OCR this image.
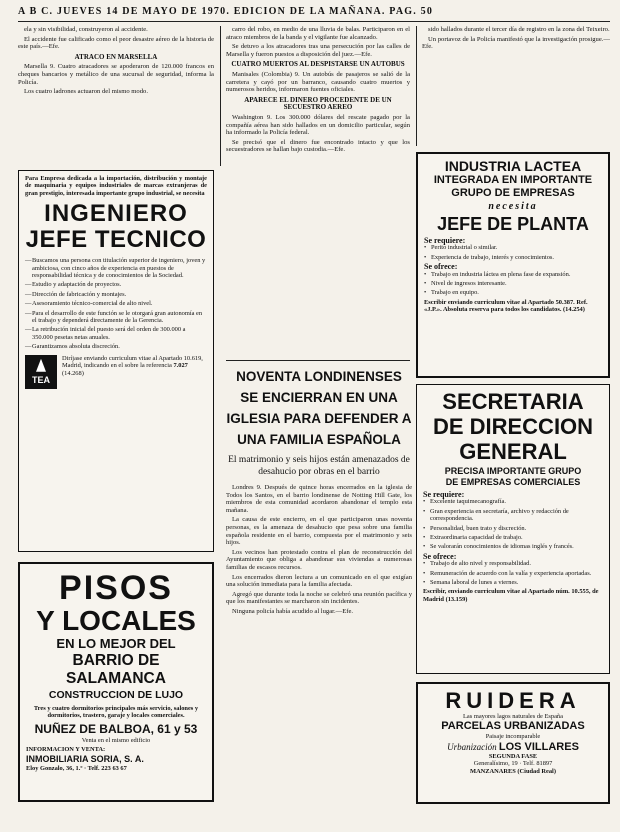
A B C. JUEVES 14 DE MAYO DE 1970. EDICION DE LA MAÑANA. PAG. 50

ela y sin visibilidad, construyeron al accidente.

El accidente fue calificado como el peor desastre aéreo de la historia de este país.—Efe.

ATRACO EN MARSELLA

Marsella 9. Cuatro atracadores se apoderaron de 120.000 francos en cheques bancarios y metálico de una sucursal de seguridad, informa la Policía.

Los cuatro ladrones actuaron del mismo modo.

carro del robo, en medio de una lluvia de balas. Participaron en el atraco miembros de la banda y el vigilante fue alcanzado.

Se detuvo a los atracadores tras una persecución por las calles de Marsella y fueron puestos a disposición del juez.—Efe.

CUATRO MUERTOS AL DESPISTARSE UN AUTOBUS

Manisales (Colombia) 9. Un autobús de pasajeros se salió de la carretera y cayó por un barranco, causando cuatro muertos y numerosos heridos, informaron fuentes oficiales.

APARECE EL DINERO PROCEDENTE DE UN SECUESTRO AEREO

Washington 9. Los 300.000 dólares del rescate pagado por la compañía aérea han sido hallados en un domicilio particular, según ha informado la Policía federal.

Se precisó que el dinero fue encontrado intacto y que los secuestradores se hallan bajo custodia.—Efe.

sido hallados durante el tercer día de registro en la zona del Teixeiro.

Un portavoz de la Policía manifestó que la investigación prosigue.—Efe.

Para Empresa dedicada a la importación, distribución y montaje de maquinaria y equipos industriales de marcas extranjeras de gran prestigio, interesada importante grupo industrial, se necesita
INGENIERO
JEFE TECNICO
— Buscamos una persona con titulación superior de ingeniero, joven y ambiciosa, con cinco años de experiencia en puestos de responsabilidad técnica y de conocimientos de la Sociedad.
— Estudio y adaptación de proyectos.
— Dirección de fabricación y montajes.
— Asesoramiento técnico-comercial de alto nivel.
— Para el desarrollo de este función se le otorgará gran autonomía en el trabajo y dependerá directamente de la Gerencia.
— La retribución inicial del puesto será del orden de 300.000 a 350.000 pesetas netas anuales.
— Garantizamos absoluta discreción.
TEA
Diríjase enviando curriculum vitae al Apartado 10.619, Madrid, indicando en el sobre la referencia 7.027 (14.268)
PISOS
Y LOCALES
EN LO MEJOR DEL
BARRIO DE SALAMANCA
CONSTRUCCION DE LUJO
Tres y cuatro dormitorios principales más servicio, salones y dormitorios, trastero, garaje y locales comerciales.
NUÑEZ DE BALBOA, 61 y 53
Venta en el mismo edificio
INFORMACION Y VENTA:
INMOBILIARIA SORIA, S. A.
Eloy Gonzalo, 36, 1.º · Telf. 223 63 67
INDUSTRIA LACTEA
INTEGRADA EN IMPORTANTE
GRUPO DE EMPRESAS
necesita
JEFE DE PLANTA
Se requiere:
• Perito industrial o similar.
• Experiencia de trabajo, interés y conocimientos.
Se ofrece:
• Trabajo en industria láctea en plena fase de expansión.
• Nivel de ingresos interesante.
• Trabajo en equipo.
Escribir enviando curriculum vitae al Apartado 50.387. Ref. «J.P.». Absoluta reserva para todos los candidatos. (14.254)
NOVENTA LONDINENSES SE ENCIERRAN EN UNA IGLESIA PARA DEFENDER A UNA FAMILIA ESPAÑOLA
El matrimonio y seis hijos están amenazados de desahucio por obras en el barrio

Londres 9. Después de quince horas encerrados en la iglesia de Todos los Santos, en el barrio londinense de Notting Hill Gate, los miembros de esta comunidad acordaron abandonar el templo esta mañana.

La causa de este encierro, en el que participaron unas noventa personas, es la amenaza de desahucio que pesa sobre una familia española residente en el barrio, compuesta por el matrimonio y seis hijos.

Los vecinos han protestado contra el plan de reconstrucción del Ayuntamiento que obliga a abandonar sus viviendas a numerosas familias de escasos recursos.

Los encerrados dieron lectura a un comunicado en el que exigían una solución inmediata para la familia afectada.

Agregó que durante toda la noche se celebró una reunión pacífica y que los manifestantes se marcharon sin incidentes.

Ninguna policía había acudido al lugar.—Efe.

SECRETARIA
DE DIRECCION
GENERAL
PRECISA IMPORTANTE GRUPO
DE EMPRESAS COMERCIALES
Se requiere:
• Excelente taquimecanografía.
• Gran experiencia en secretaría, archivo y redacción de correspondencia.
• Personalidad, buen trato y discreción.
• Extraordinaria capacidad de trabajo.
• Se valorarán conocimientos de idiomas inglés y francés.
Se ofrece:
• Trabajo de alto nivel y responsabilidad.
• Remuneración de acuerdo con la valía y experiencia aportadas.
• Semana laboral de lunes a viernes.
Escribir, enviando curriculum vitae al Apartado núm. 10.555, de Madrid (13.159)
RUIDERA
Las mayores lagos naturales de España
PARCELAS URBANIZADAS
Paisaje incomparable
Urbanización LOS VILLARES
SEGUNDA FASE
Generalísimo, 19 · Telf. 81897
MANZANARES (Ciudad Real)
